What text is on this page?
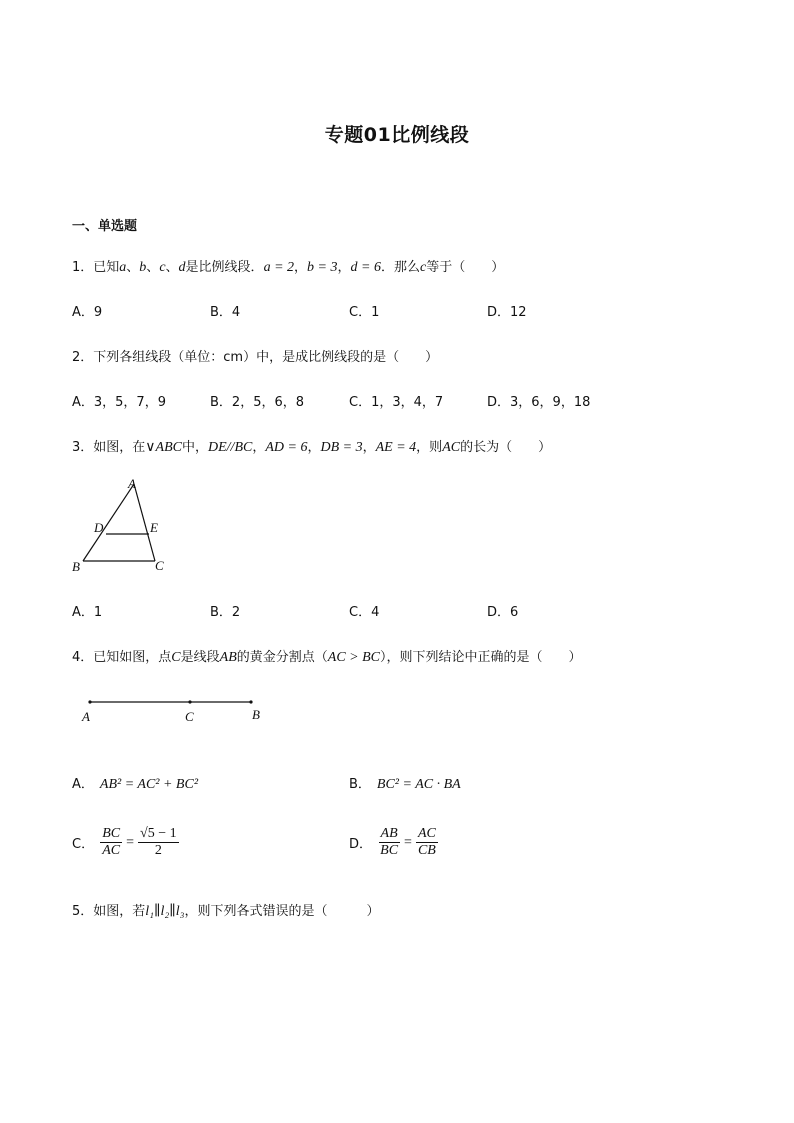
专题01比例线段
一、单选题
1．已知a、b、c、d是比例线段．a = 2，b = 3，d = 6．那么c等于（　　）
A．9	B．4	C．1	D．12
2．下列各组线段（单位：cm）中，是成比例线段的是（　　）
A．3，5，7，9	B．2，5，6，8	C．1，3，4，7	D．3，6，9，18
3．如图，在∨ABC中，DE//BC，AD = 6，DB = 3，AE = 4，则AC的长为（　　）
A
D	E
B	C
A．1	B．2	C．4	D．6
4．已知如图，点C是线段AB的黄金分割点（AC > BC），则下列结论中正确的是（　　）
A	C	B
A． AB² = AC² + BC²	B． BC² = AC · BA
C． $\frac{BC}{AC} = \frac{√5 - 1}{2}$	D． $\frac{AB}{BC} = \frac{AC}{CB}$
5．如图，若l₁∥l₂∥l₃，则下列各式错误的是（　　　）
